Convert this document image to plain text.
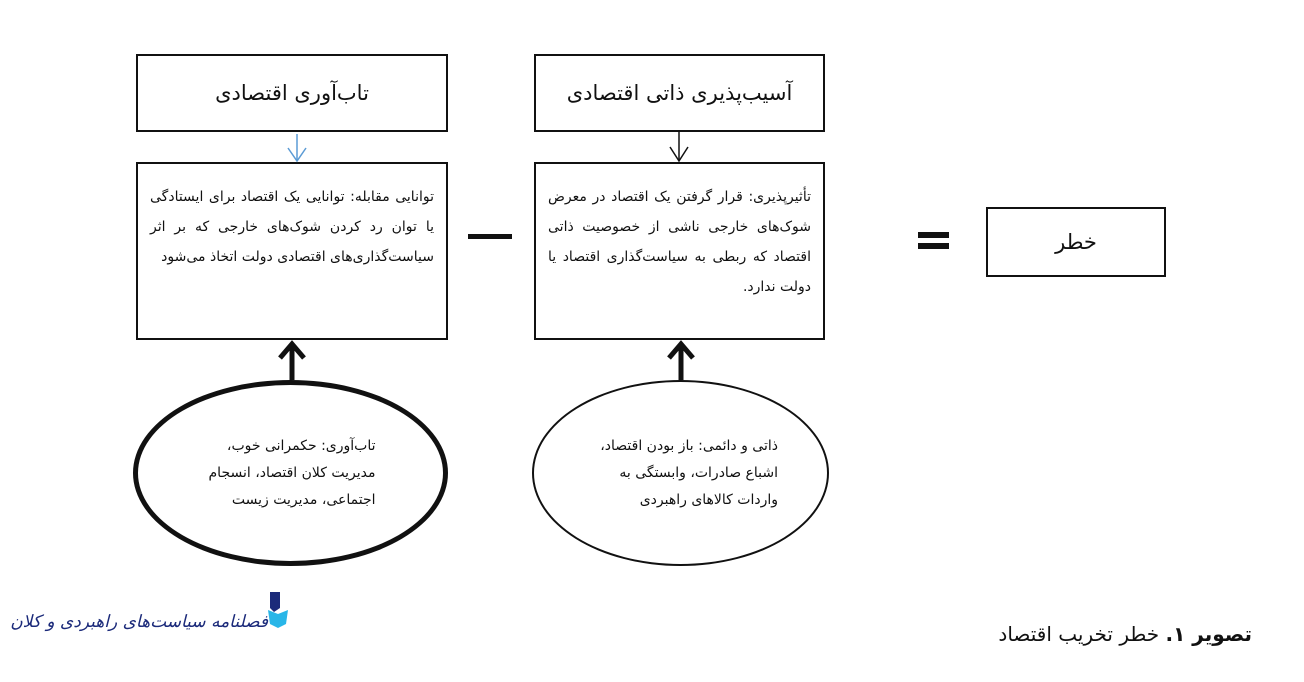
تاب‌آوری اقتصادی	آسیب‌پذیری ذاتی اقتصادی
توانایی مقابله: توانایی یک اقتصاد برای ایستادگی یا توان رد کردن شوک‌های خارجی که بر اثر سیاست‌گذاری‌های اقتصادی دولت اتخاذ می‌شود
تأثیرپذیری: قرار گرفتن یک اقتصاد در معرض شوک‌های خارجی ناشی از خصوصیت ذاتی اقتصاد که ربطی به سیاست‌گذاری اقتصاد یا دولت ندارد.
خطر
تاب‌آوری: حکمرانی خوب، مدیریت کلان اقتصاد، انسجام اجتماعی، مدیریت زیست
ذاتی و دائمی: باز بودن اقتصاد، اشباع صادرات، وابستگی به واردات کالاهای راهبردی
تصویر ۱. خطر تخریب اقتصاد
فصلنامه سیاست‌های راهبردی و کلان
